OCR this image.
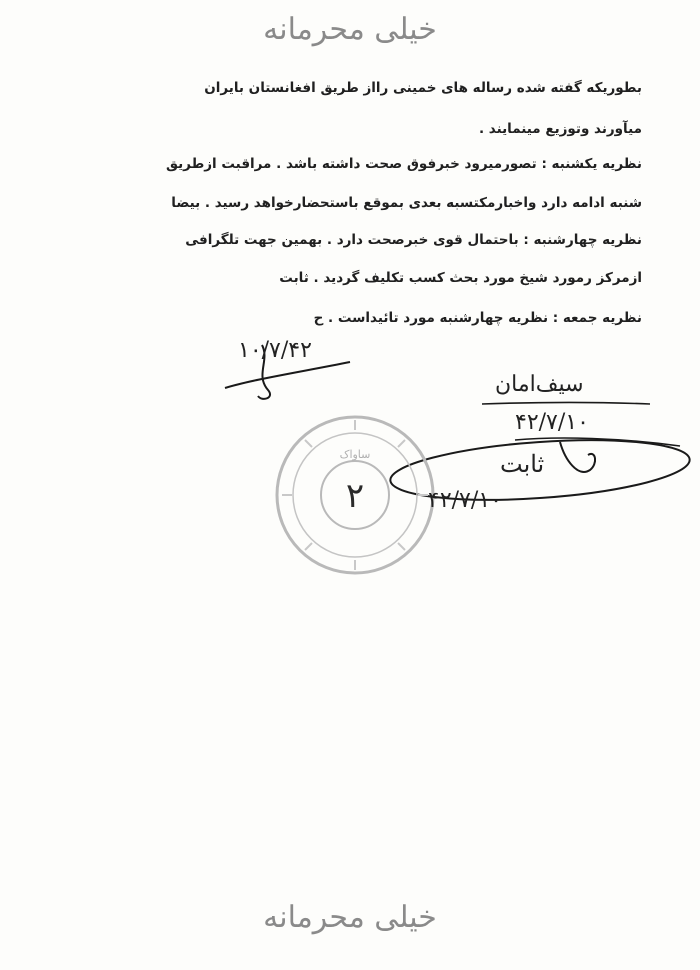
خیلی محرمانه
بطوریکه گفته شده رساله های خمینی رااز طریق افغانستان بایران
میآورند وتوزیع مینمایند .
نظریه یکشنبه : تصورمیرود خبرفوق صحت داشته باشد . مراقبت ازطریق
شنبه ادامه دارد واخبارمکتسبه بعدی بموقع باستحضارخواهد رسید . بیضا
نظریه چهارشنبه : باحتمال قوی خبرصحت دارد . بهمین جهت تلگرافی
ازمرکز رمورد شیخ مورد بحث کسب تکلیف گردید . ثابت
نظریه جمعه : نظریه چهارشنبه مورد تائیداست . ح
۲
ساواک
سیف‌امان
۴۲/۷/۱۰
ثابت
۴۲/۷/۱۰
۱۰/۷/۴۲
خیلی محرمانه
